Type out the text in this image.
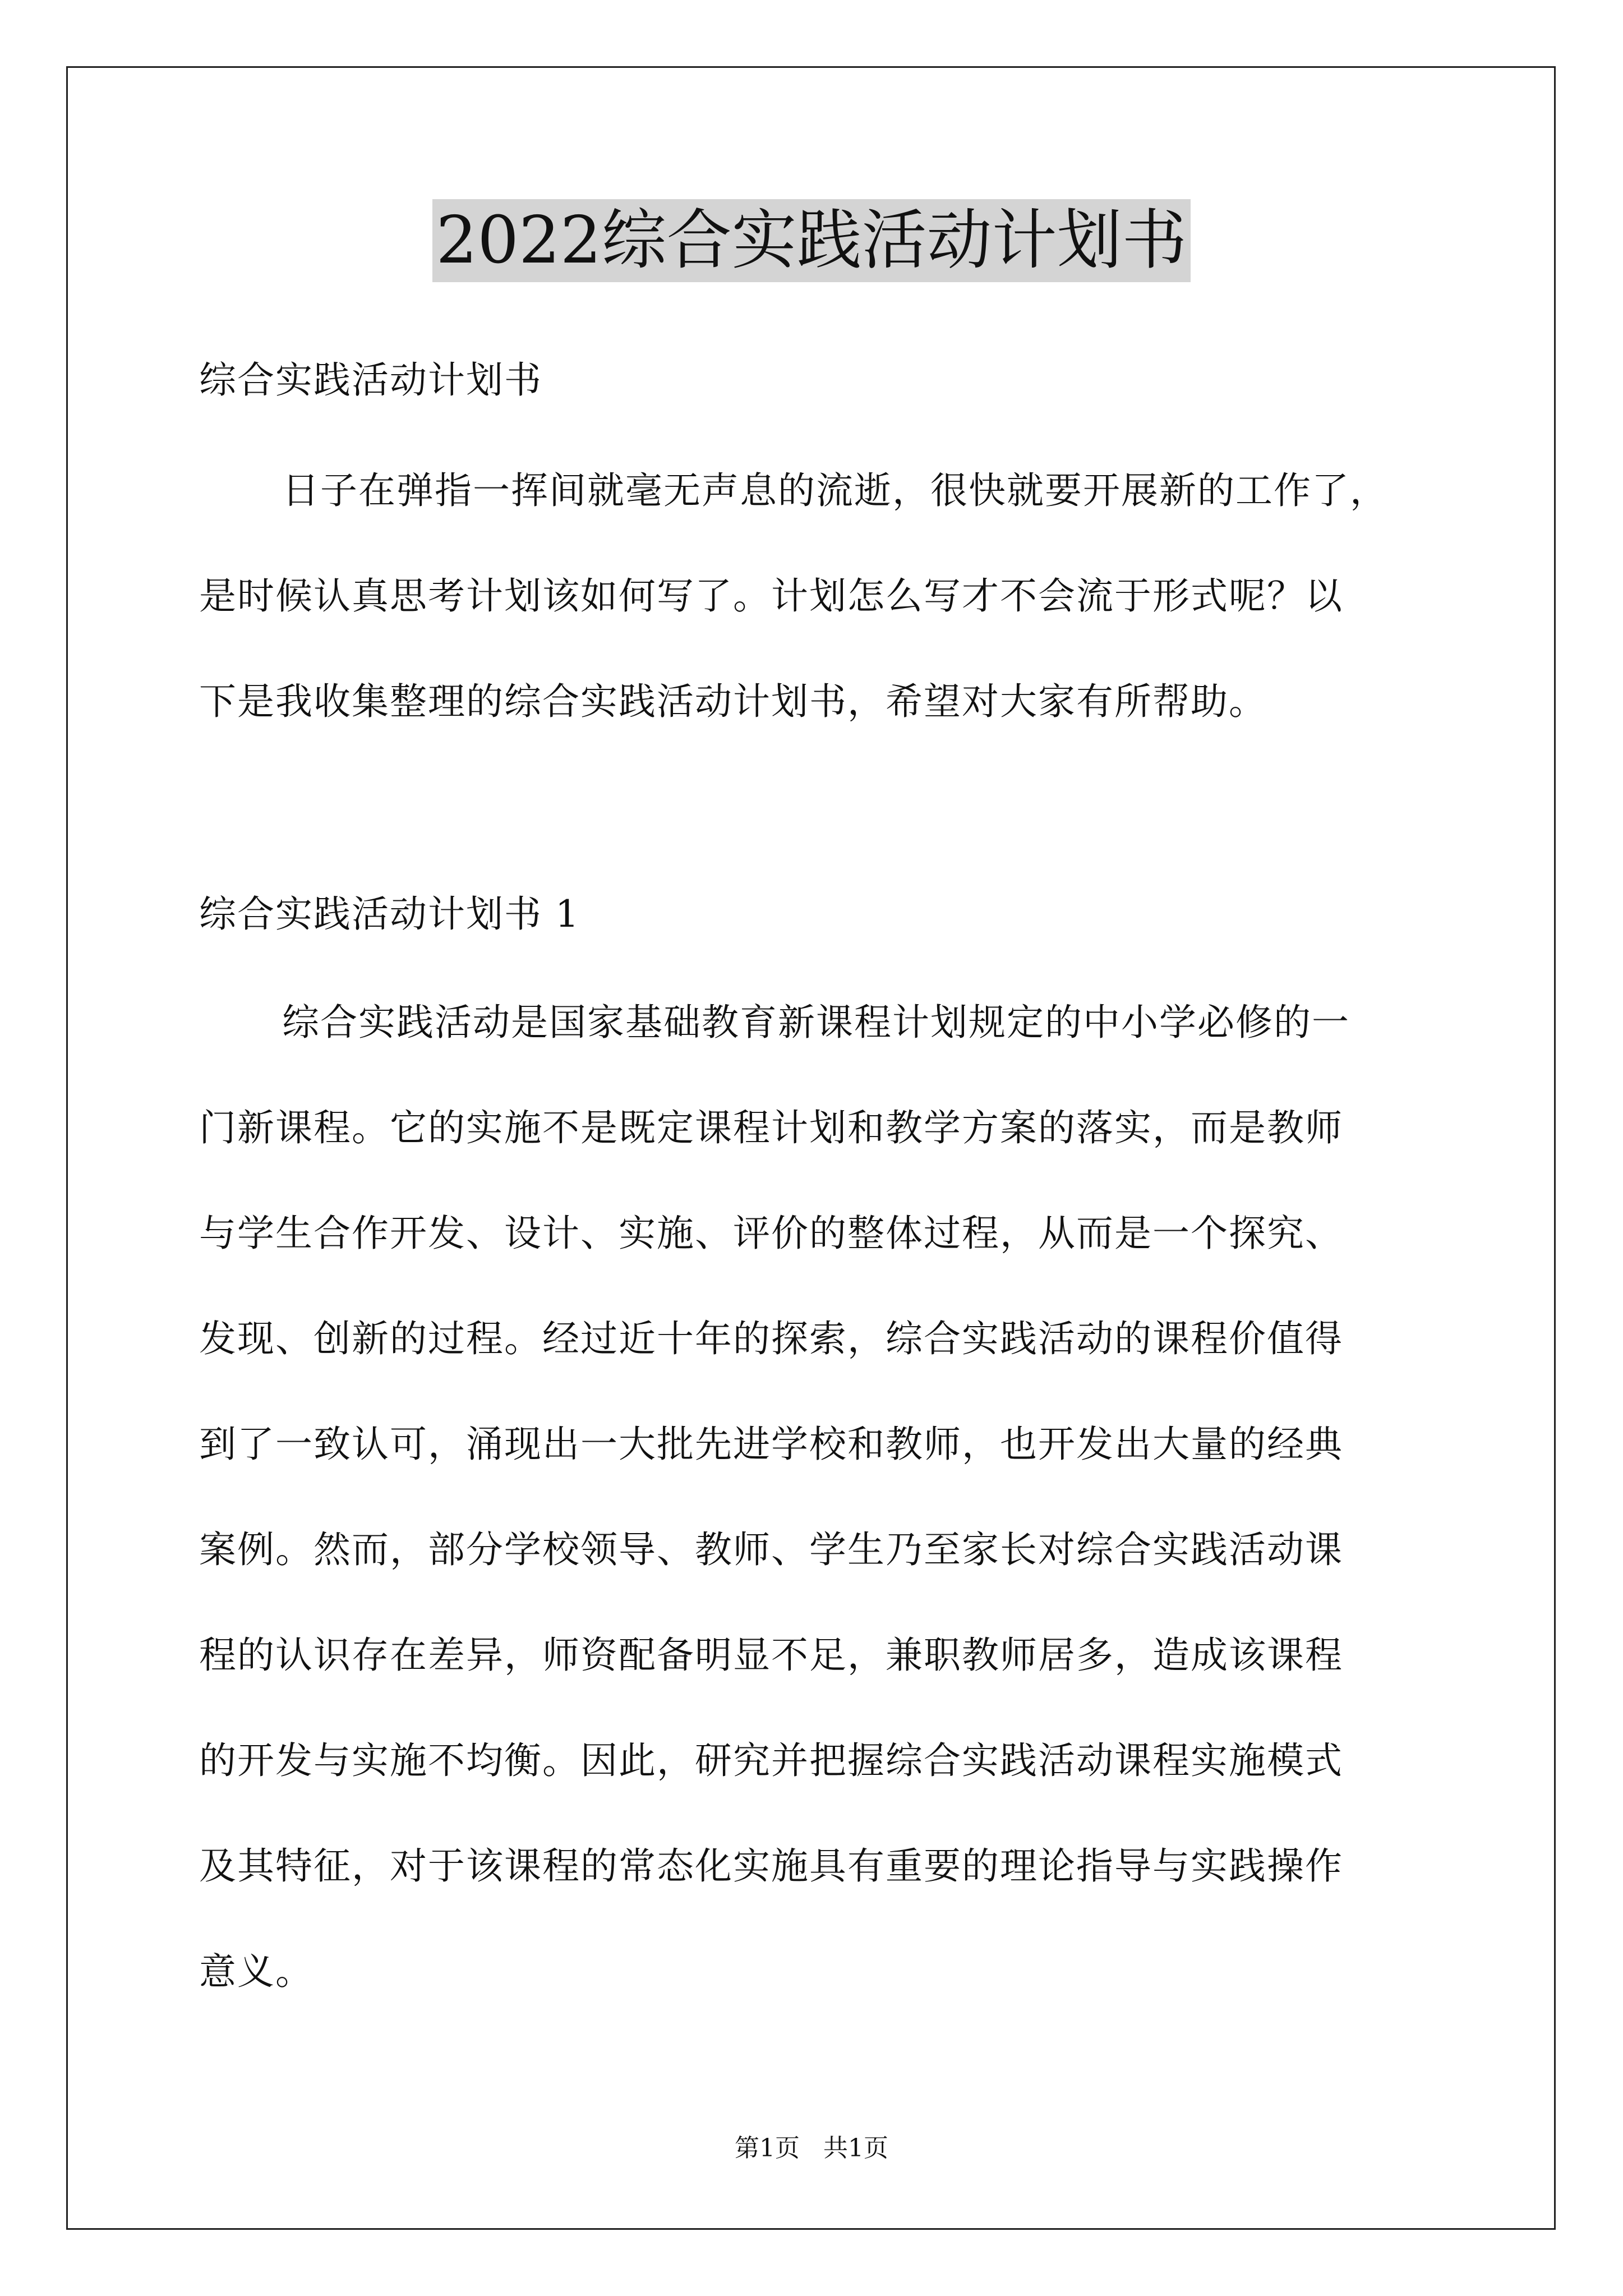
2022综合实践活动计划书
综合实践活动计划书
日子在弹指一挥间就毫无声息的流逝，很快就要开展新的工作了，
是时候认真思考计划该如何写了。计划怎么写才不会流于形式呢？以
下是我收集整理的综合实践活动计划书，希望对大家有所帮助。
综合实践活动计划书 1
综合实践活动是国家基础教育新课程计划规定的中小学必修的一
门新课程。它的实施不是既定课程计划和教学方案的落实，而是教师
与学生合作开发、设计、实施、评价的整体过程，从而是一个探究、
发现、创新的过程。经过近十年的探索，综合实践活动的课程价值得
到了一致认可，涌现出一大批先进学校和教师，也开发出大量的经典
案例。然而，部分学校领导、教师、学生乃至家长对综合实践活动课
程的认识存在差异，师资配备明显不足，兼职教师居多，造成该课程
的开发与实施不均衡。因此，研究并把握综合实践活动课程实施模式
及其特征，对于该课程的常态化实施具有重要的理论指导与实践操作
意义。
第1页 共1页
